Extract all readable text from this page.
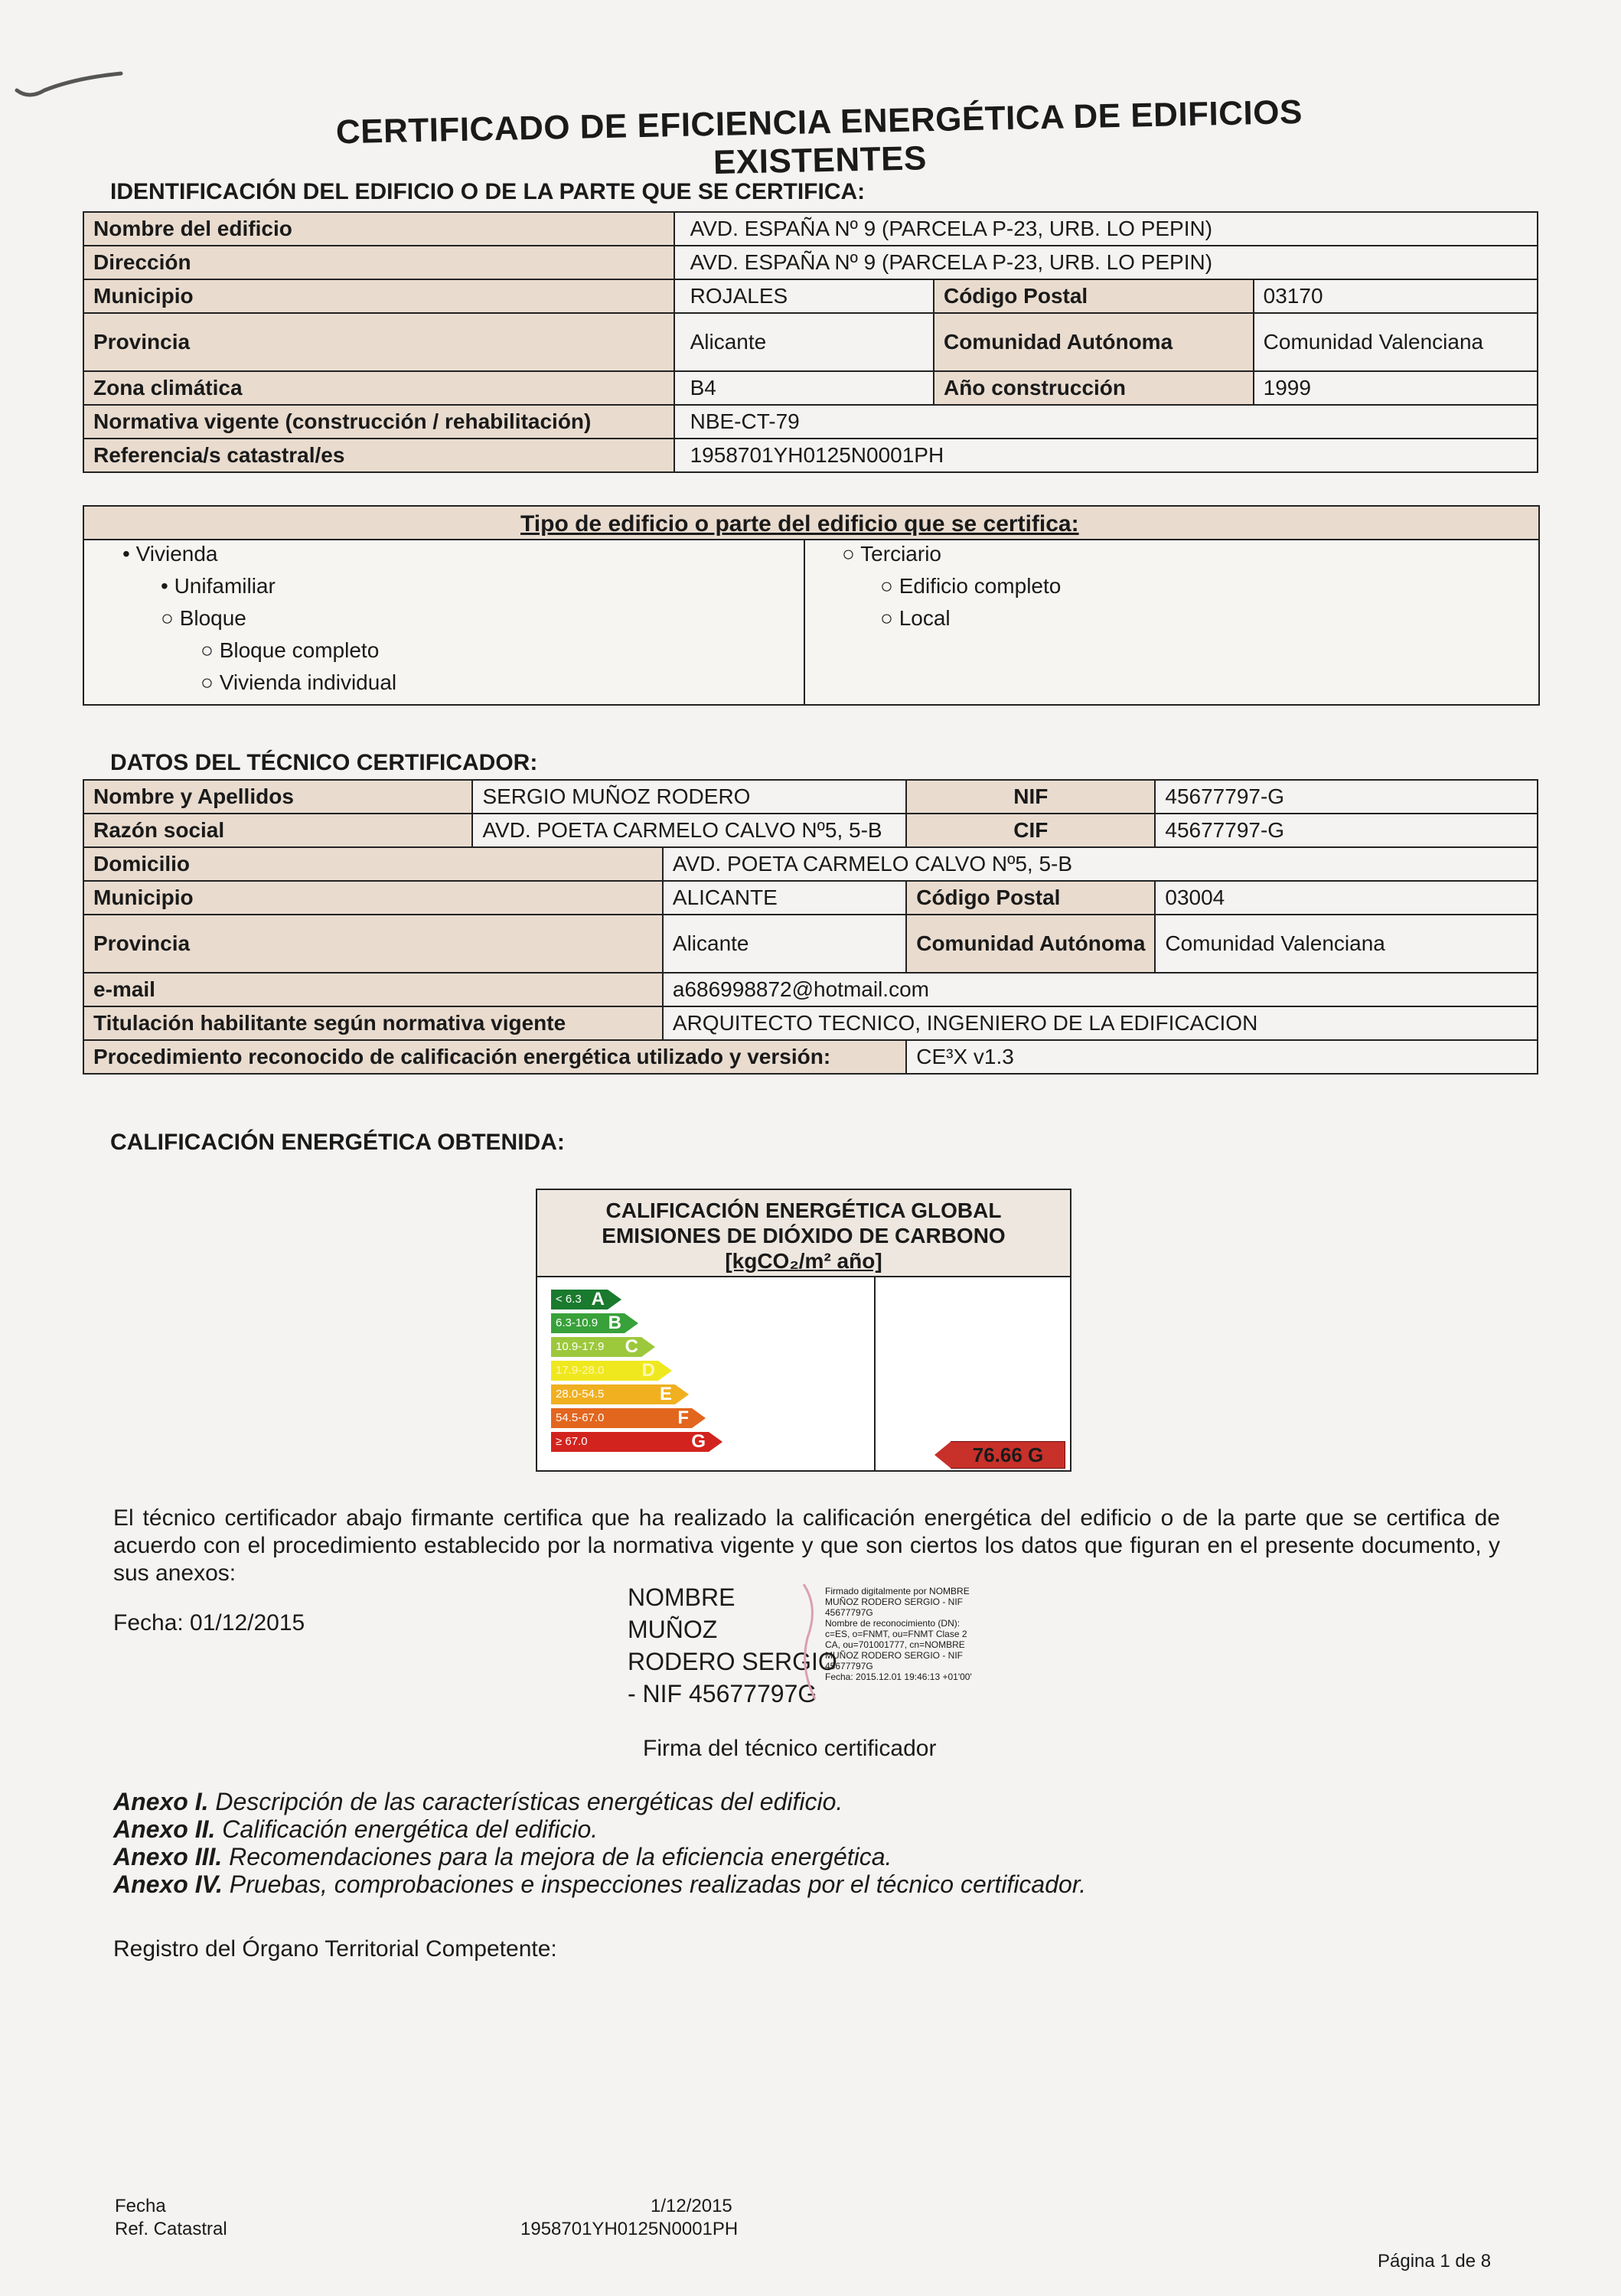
CERTIFICADO DE EFICIENCIA ENERGÉTICA DE EDIFICIOS EXISTENTES
IDENTIFICACIÓN DEL EDIFICIO O DE LA PARTE QUE SE CERTIFICA:
Nombre del edificio	AVD. ESPAÑA Nº 9 (PARCELA P-23, URB. LO PEPIN)		
Dirección	AVD. ESPAÑA Nº 9 (PARCELA P-23, URB. LO PEPIN)		
Municipio	ROJALES	Código Postal	03170
Provincia	Alicante	Comunidad Autónoma	Comunidad Valenciana
Zona climática	B4	Año construcción	1999
Normativa vigente (construcción / rehabilitación)	NBE-CT-79		
Referencia/s catastral/es	1958701YH0125N0001PH		
Tipo de edificio o parte del edificio que se certifica:
• Vivienda
• Unifamiliar
○ Bloque
○ Bloque completo
○ Vivienda individual
○ Terciario
○ Edificio completo
○ Local
DATOS DEL TÉCNICO CERTIFICADOR:
Nombre y Apellidos	SERGIO MUÑOZ RODERO		NIF	45677797-G
Razón social	AVD. POETA CARMELO CALVO Nº5, 5-B		CIF	45677797-G
Domicilio		AVD. POETA CARMELO CALVO Nº5, 5-B		
Municipio		ALICANTE	Código Postal	03004
Provincia		Alicante	Comunidad Autónoma	Comunidad Valenciana
e-mail		a686998872@hotmail.com		
Titulación habilitante según normativa vigente		ARQUITECTO TECNICO, INGENIERO DE LA EDIFICACION		
Procedimiento reconocido de calificación energética utilizado y versión:			CE³X v1.3	
CALIFICACIÓN ENERGÉTICA OBTENIDA:
CALIFICACIÓN ENERGÉTICA GLOBAL
EMISIONES DE DIÓXIDO DE CARBONO
[kgCO₂/m² año]
< 6.3 A
6.3-10.9 B
10.9-17.9 C
17.9-28.0 D
28.0-54.5	E
54.5-67.0	F
≥ 67.0	G
76.66 G
El técnico certificador abajo firmante certifica que ha realizado la calificación energética del edificio o de la parte que se certifica de acuerdo con el procedimiento establecido por la normativa vigente y que son ciertos los datos que figuran en el presente documento, y sus anexos:
Fecha: 01/12/2015
NOMBRE
MUÑOZ
RODERO SERGIO
- NIF 45677797G
Firmado digitalmente por NOMBRE
MUÑOZ RODERO SERGIO - NIF
45677797G
Nombre de reconocimiento (DN):
c=ES, o=FNMT, ou=FNMT Clase 2
CA, ou=701001777, cn=NOMBRE
MUÑOZ RODERO SERGIO - NIF
45677797G
Fecha: 2015.12.01 19:46:13 +01'00'
Firma del técnico certificador
Anexo I. Descripción de las características energéticas del edificio.
Anexo II. Calificación energética del edificio.
Anexo III. Recomendaciones para la mejora de la eficiencia energética.
Anexo IV. Pruebas, comprobaciones e inspecciones realizadas por el técnico certificador.
Registro del Órgano Territorial Competente:
Fecha
Ref. Catastral
1/12/2015
1958701YH0125N0001PH
Página 1 de 8
